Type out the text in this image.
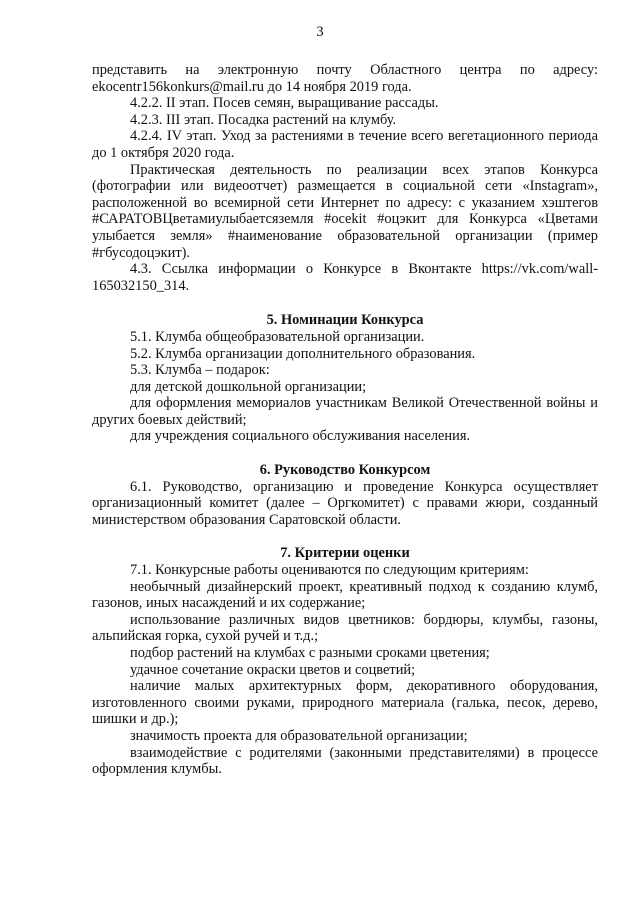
3
представить на электронную почту Областного центра по адресу:
ekocentr156konkurs@mail.ru до 14 ноября 2019 года.
4.2.2. II этап. Посев семян, выращивание рассады.
4.2.3. III этап. Посадка растений на клумбу.
4.2.4. IV этап. Уход за растениями в течение всего вегетационного периода до 1 октября 2020 года.
Практическая деятельность по реализации всех этапов Конкурса (фотографии или видеоотчет) размещается в социальной сети «Instagram», расположенной во всемирной сети Интернет по адресу: с указанием хэштегов #САРАТОВЦветамиулыбаетсяземля #ocekit #оцэкит для Конкурса «Цветами улыбается земля» #наименование образовательной организации (пример #гбусодоцэкит).
4.3. Ссылка информации о Конкурсе в Вконтакте https://vk.com/wall-165032150_314.
5. Номинации Конкурса
5.1. Клумба общеобразовательной организации.
5.2. Клумба организации дополнительного образования.
5.3. Клумба – подарок:
для детской дошкольной организации;
для оформления мемориалов участникам Великой Отечественной войны и других боевых действий;
для учреждения социального обслуживания населения.
6. Руководство Конкурсом
6.1. Руководство, организацию и проведение Конкурса осуществляет организационный комитет (далее – Оргкомитет) с правами жюри, созданный министерством образования Саратовской области.
7. Критерии оценки
7.1. Конкурсные работы оцениваются по следующим критериям:
необычный дизайнерский проект, креативный подход к созданию клумб, газонов, иных насаждений и их содержание;
использование различных видов цветников: бордюры, клумбы, газоны, альпийская горка, сухой ручей и т.д.;
подбор растений на клумбах с разными сроками цветения;
удачное сочетание окраски цветов и соцветий;
наличие малых архитектурных форм, декоративного оборудования, изготовленного своими руками, природного материала (галька, песок, дерево, шишки и др.);
значимость проекта для образовательной организации;
взаимодействие с родителями (законными представителями) в процессе оформления клумбы.
